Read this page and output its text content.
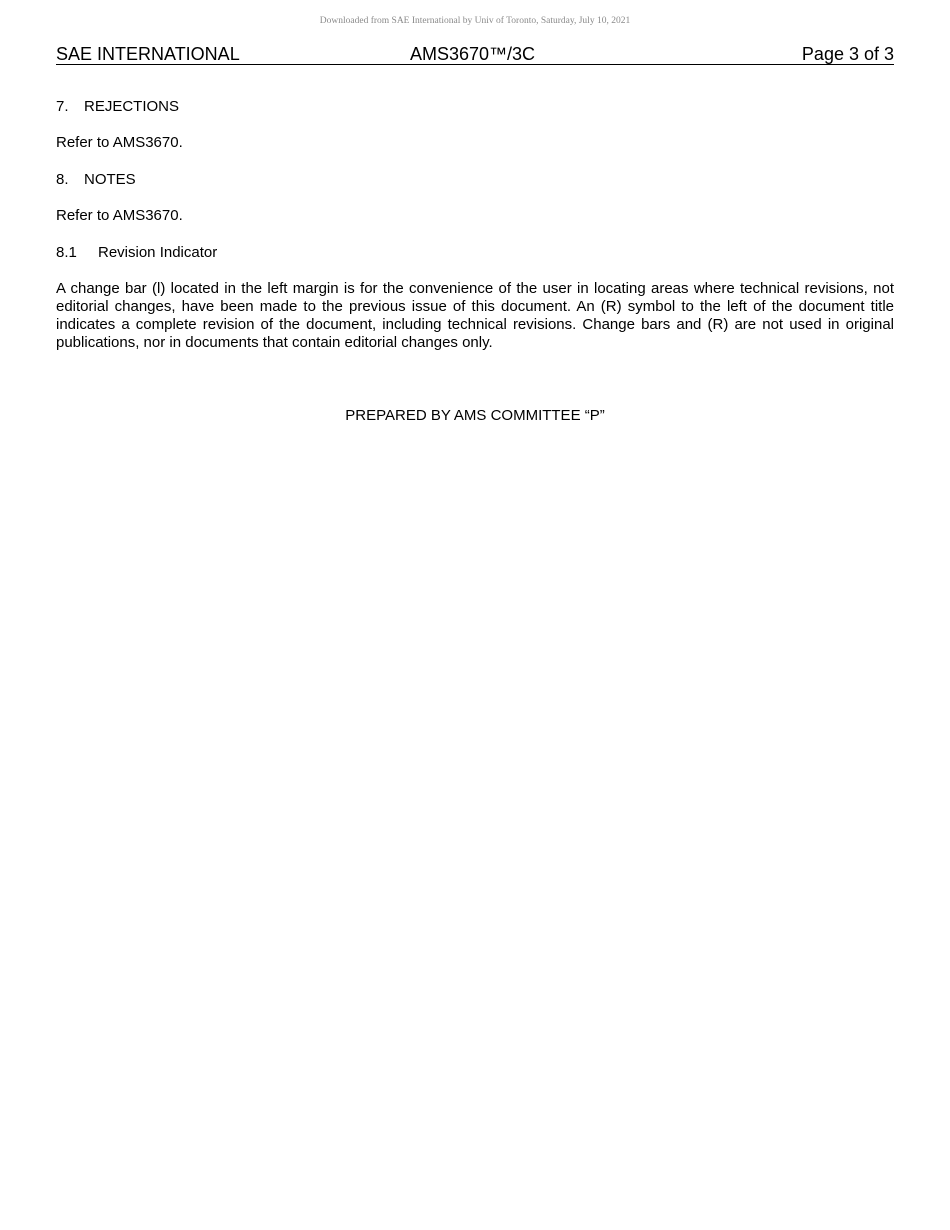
Downloaded from SAE International by Univ of Toronto, Saturday, July 10, 2021
SAE INTERNATIONAL	AMS3670™/3C	Page 3 of 3
7. REJECTIONS
Refer to AMS3670.
8. NOTES
Refer to AMS3670.
8.1 Revision Indicator
A change bar (l) located in the left margin is for the convenience of the user in locating areas where technical revisions, not editorial changes, have been made to the previous issue of this document. An (R) symbol to the left of the document title indicates a complete revision of the document, including technical revisions. Change bars and (R) are not used in original publications, nor in documents that contain editorial changes only.
PREPARED BY AMS COMMITTEE “P”
